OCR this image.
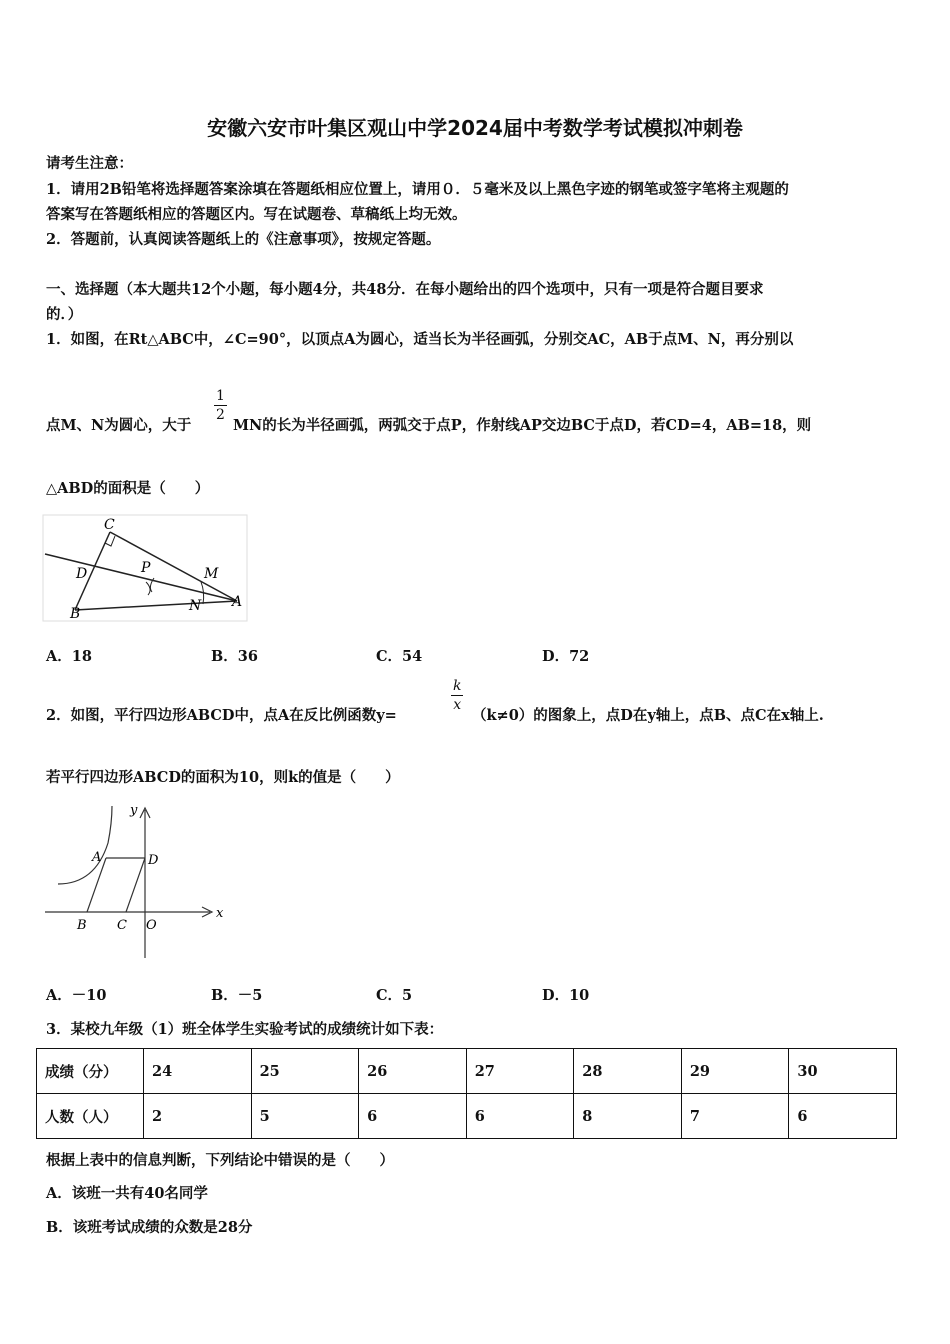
安徽六安市叶集区观山中学2024届中考数学考试模拟冲刺卷
请考生注意：
1．请用2B铅笔将选择题答案涂填在答题纸相应位置上，请用０．５毫米及以上黑色字迹的钢笔或签字笔将主观题的
答案写在答题纸相应的答题区内。写在试题卷、草稿纸上均无效。
2．答题前，认真阅读答题纸上的《注意事项》，按规定答题。
一、选择题（本大题共12个小题，每小题4分，共48分．在每小题给出的四个选项中，只有一项是符合题目要求
的．）
1．如图，在Rt△ABC中，∠C=90°，以顶点A为圆心，适当长为半径画弧，分别交AC，AB于点M、N，再分别以
点M、N为圆心，大于
$\frac{1}{2}$
MN的长为半径画弧，两弧交于点P，作射线AP交边BC于点D，若CD=4，AB=18，则
△ABD的面积是（　　）
C
D	P	M
B	N A
A．18	B．36	C．54	D．72
2．如图，平行四边形ABCD中，点A在反比例函数y=
$\frac{k}{x}$
（k≠0）的图象上，点D在y轴上，点B、点C在x轴上.
若平行四边形ABCD的面积为10，则k的值是（　　）
y
x
A	D
B C O
A．－10	B．－5	C．5	D．10
3．某校九年级（1）班全体学生实验考试的成绩统计如下表：
成绩（分）	24	25	26	27	28	29	30
人数（人）	2	5	6	6	8	7	6
根据上表中的信息判断，下列结论中错误的是（　　）
A．该班一共有40名同学
B．该班考试成绩的众数是28分
